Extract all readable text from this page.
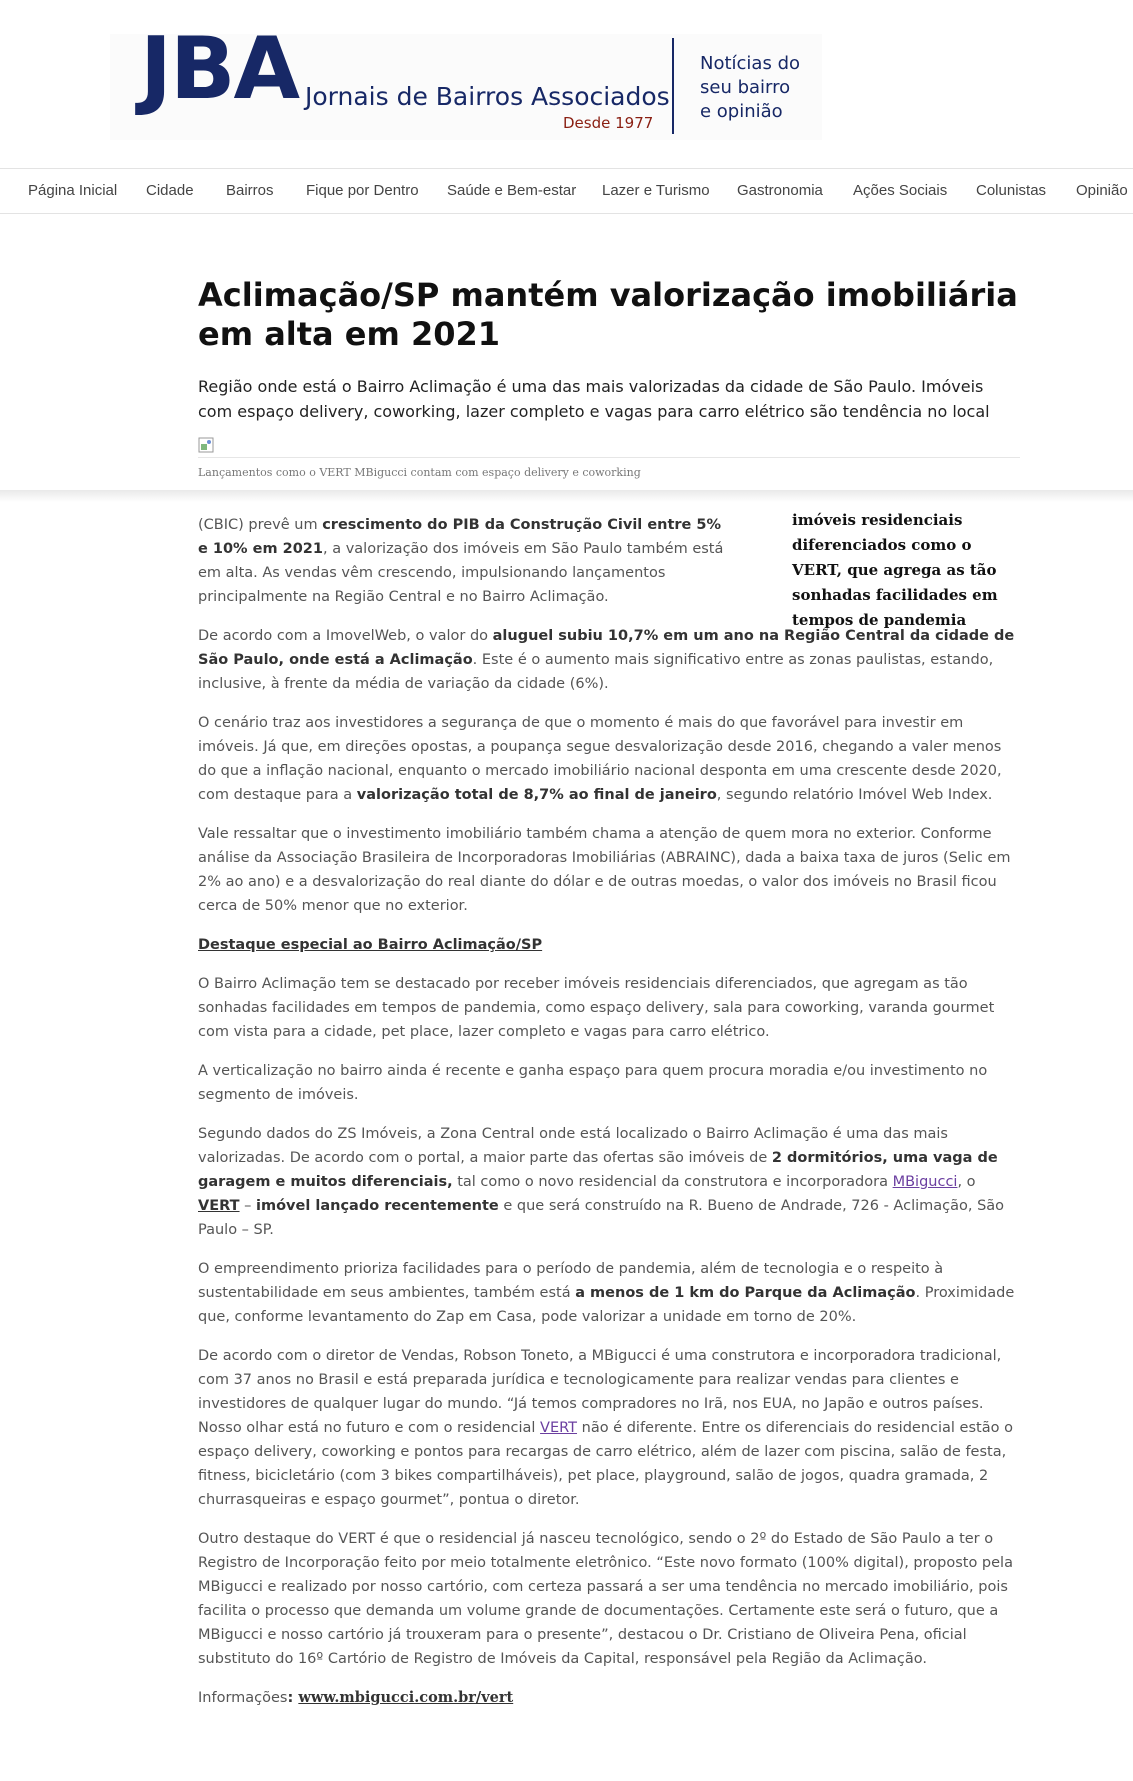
JBA Jornais de Bairros Associados
Desde 1977
Notícias do
seu bairro
e opinião
Página Inicial Cidade Bairros Fique por Dentro Saúde e Bem-estar Lazer e Turismo Gastronomia Ações Sociais Colunistas Opinião
Aclimação/SP mantém valorização imobiliária em alta em 2021
Região onde está o Bairro Aclimação é uma das mais valorizadas da cidade de São Paulo. Imóveis com espaço delivery, coworking, lazer completo e vagas para carro elétrico são tendência no local
Lançamentos como o VERT MBigucci contam com espaço delivery e coworking
imóveis residenciais diferenciados como o VERT, que agrega as tão sonhadas facilidades em tempos de pandemia

(CBIC) prevê um crescimento do PIB da Construção Civil entre 5% e 10% em 2021, a valorização dos imóveis em São Paulo também está em alta. As vendas vêm crescendo, impulsionando lançamentos principalmente na Região Central e no Bairro Aclimação.

De acordo com a ImovelWeb, o valor do aluguel subiu 10,7% em um ano na Região Central da cidade de São Paulo, onde está a Aclimação. Este é o aumento mais significativo entre as zonas paulistas, estando, inclusive, à frente da média de variação da cidade (6%).

O cenário traz aos investidores a segurança de que o momento é mais do que favorável para investir em imóveis. Já que, em direções opostas, a poupança segue desvalorização desde 2016, chegando a valer menos do que a inflação nacional, enquanto o mercado imobiliário nacional desponta em uma crescente desde 2020, com destaque para a valorização total de 8,7% ao final de janeiro, segundo relatório Imóvel Web Index.

Vale ressaltar que o investimento imobiliário também chama a atenção de quem mora no exterior. Conforme análise da Associação Brasileira de Incorporadoras Imobiliárias (ABRAINC), dada a baixa taxa de juros (Selic em 2% ao ano) e a desvalorização do real diante do dólar e de outras moedas, o valor dos imóveis no Brasil ficou cerca de 50% menor que no exterior.

Destaque especial ao Bairro Aclimação/SP

O Bairro Aclimação tem se destacado por receber imóveis residenciais diferenciados, que agregam as tão sonhadas facilidades em tempos de pandemia, como espaço delivery, sala para coworking, varanda gourmet com vista para a cidade, pet place, lazer completo e vagas para carro elétrico.

A verticalização no bairro ainda é recente e ganha espaço para quem procura moradia e/ou investimento no segmento de imóveis.

Segundo dados do ZS Imóveis, a Zona Central onde está localizado o Bairro Aclimação é uma das mais valorizadas. De acordo com o portal, a maior parte das ofertas são imóveis de 2 dormitórios, uma vaga de garagem e muitos diferenciais, tal como o novo residencial da construtora e incorporadora MBigucci, o VERT – imóvel lançado recentemente e que será construído na R. Bueno de Andrade, 726 - Aclimação, São Paulo – SP.

O empreendimento prioriza facilidades para o período de pandemia, além de tecnologia e o respeito à sustentabilidade em seus ambientes, também está a menos de 1 km do Parque da Aclimação. Proximidade que, conforme levantamento do Zap em Casa, pode valorizar a unidade em torno de 20%.

De acordo com o diretor de Vendas, Robson Toneto, a MBigucci é uma construtora e incorporadora tradicional, com 37 anos no Brasil e está preparada jurídica e tecnologicamente para realizar vendas para clientes e investidores de qualquer lugar do mundo. “Já temos compradores no Irã, nos EUA, no Japão e outros países. Nosso olhar está no futuro e com o residencial VERT não é diferente. Entre os diferenciais do residencial estão o espaço delivery, coworking e pontos para recargas de carro elétrico, além de lazer com piscina, salão de festa, fitness, bicicletário (com 3 bikes compartilháveis), pet place, playground, salão de jogos, quadra gramada, 2 churrasqueiras e espaço gourmet”, pontua o diretor.

Outro destaque do VERT é que o residencial já nasceu tecnológico, sendo o 2º do Estado de São Paulo a ter o Registro de Incorporação feito por meio totalmente eletrônico. “Este novo formato (100% digital), proposto pela MBigucci e realizado por nosso cartório, com certeza passará a ser uma tendência no mercado imobiliário, pois facilita o processo que demanda um volume grande de documentações. Certamente este será o futuro, que a MBigucci e nosso cartório já trouxeram para o presente”, destacou o Dr. Cristiano de Oliveira Pena, oficial substituto do 16º Cartório de Registro de Imóveis da Capital, responsável pela Região da Aclimação.

Informações: www.mbigucci.com.br/vert
